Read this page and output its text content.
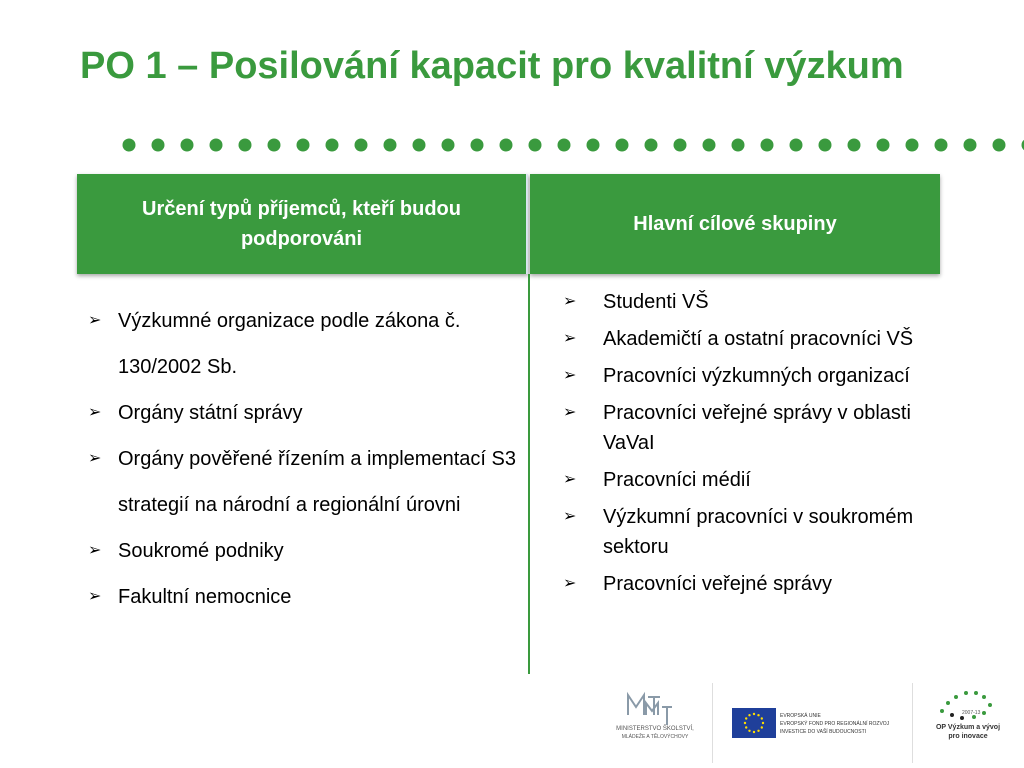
PO 1 – Posilování kapacit pro kvalitní výzkum
Určení typů příjemců, kteří budou podporováni
Hlavní cílové skupiny
➢ Výzkumné organizace podle zákona č. 130/2002 Sb.
➢ Orgány státní správy
➢ Orgány pověřené řízením a implementací S3 strategií na národní a regionální úrovni
➢ Soukromé podniky
➢ Fakultní nemocnice
➢ Studenti VŠ
➢ Akademičtí a ostatní pracovníci VŠ
➢ Pracovníci výzkumných organizací
➢ Pracovníci veřejné správy v oblasti VaVaI
➢ Pracovníci médií
➢ Výzkumní pracovníci v soukromém sektoru
➢ Pracovníci veřejné správy
MINISTERSTVO ŠKOLSTVÍ,
MLÁDEŽE A TĚLOVÝCHOVY
EVROPSKÁ UNIE
EVROPSKÝ FOND PRO REGIONÁLNÍ ROZVOJ
INVESTICE DO VAŠÍ BUDOUCNOSTI
2007-13
OP Výzkum a vývoj
pro inovace
